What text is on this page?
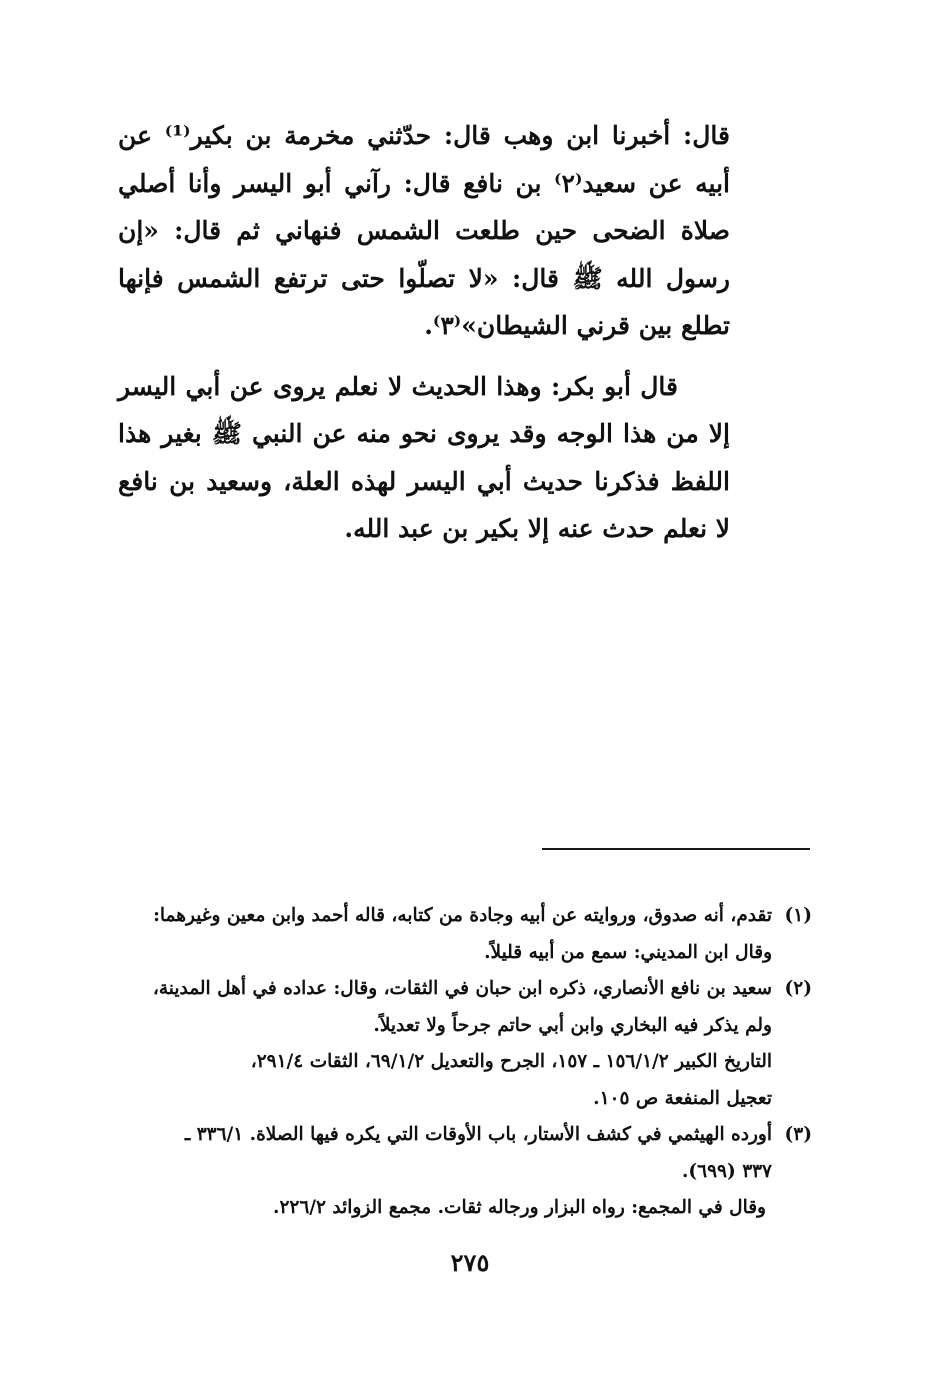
قال: أخبرنا ابن وهب قال: حدّثني مخرمة بن بكير⁽¹⁾ عن أبيه عن سعيد⁽٢⁾ بن نافع قال: رآني أبو اليسر وأنا أصلي صلاة الضحى حين طلعت الشمس فنهاني ثم قال: «إن رسول الله ﷺ قال: «لا تصلّوا حتى ترتفع الشمس فإنها تطلع بين قرني الشيطان»⁽٣⁾.

قال أبو بكر: وهذا الحديث لا نعلم يروى عن أبي اليسر إلا من هذا الوجه وقد يروى نحو منه عن النبي ﷺ بغير هذا اللفظ فذكرنا حديث أبي اليسر لهذه العلة، وسعيد بن نافع لا نعلم حدث عنه إلا بكير بن عبد الله.

(١)
تقدم، أنه صدوق، وروايته عن أبيه وجادة من كتابه، قاله أحمد وابن معين وغيرهما:
وقال ابن المديني: سمع من أبيه قليلاً.
(٢)
سعيد بن نافع الأنصاري، ذكره ابن حبان في الثقات، وقال: عداده في أهل المدينة،
ولم يذكر فيه البخاري وابن أبي حاتم جرحاً ولا تعديلاً.
التاريخ الكبير ١٥٦/١/٢ ـ ١٥٧، الجرح والتعديل ٦٩/١/٢، الثقات ٢٩١/٤،
تعجيل المنفعة ص ١٠٥.
(٣)
أورده الهيثمي في كشف الأستار، باب الأوقات التي يكره فيها الصلاة. ٣٣٦/١ ـ
٣٣٧ (٦٩٩).
وقال في المجمع: رواه البزار ورجاله ثقات. مجمع الزوائد ٢٢٦/٢.
٢٧٥
